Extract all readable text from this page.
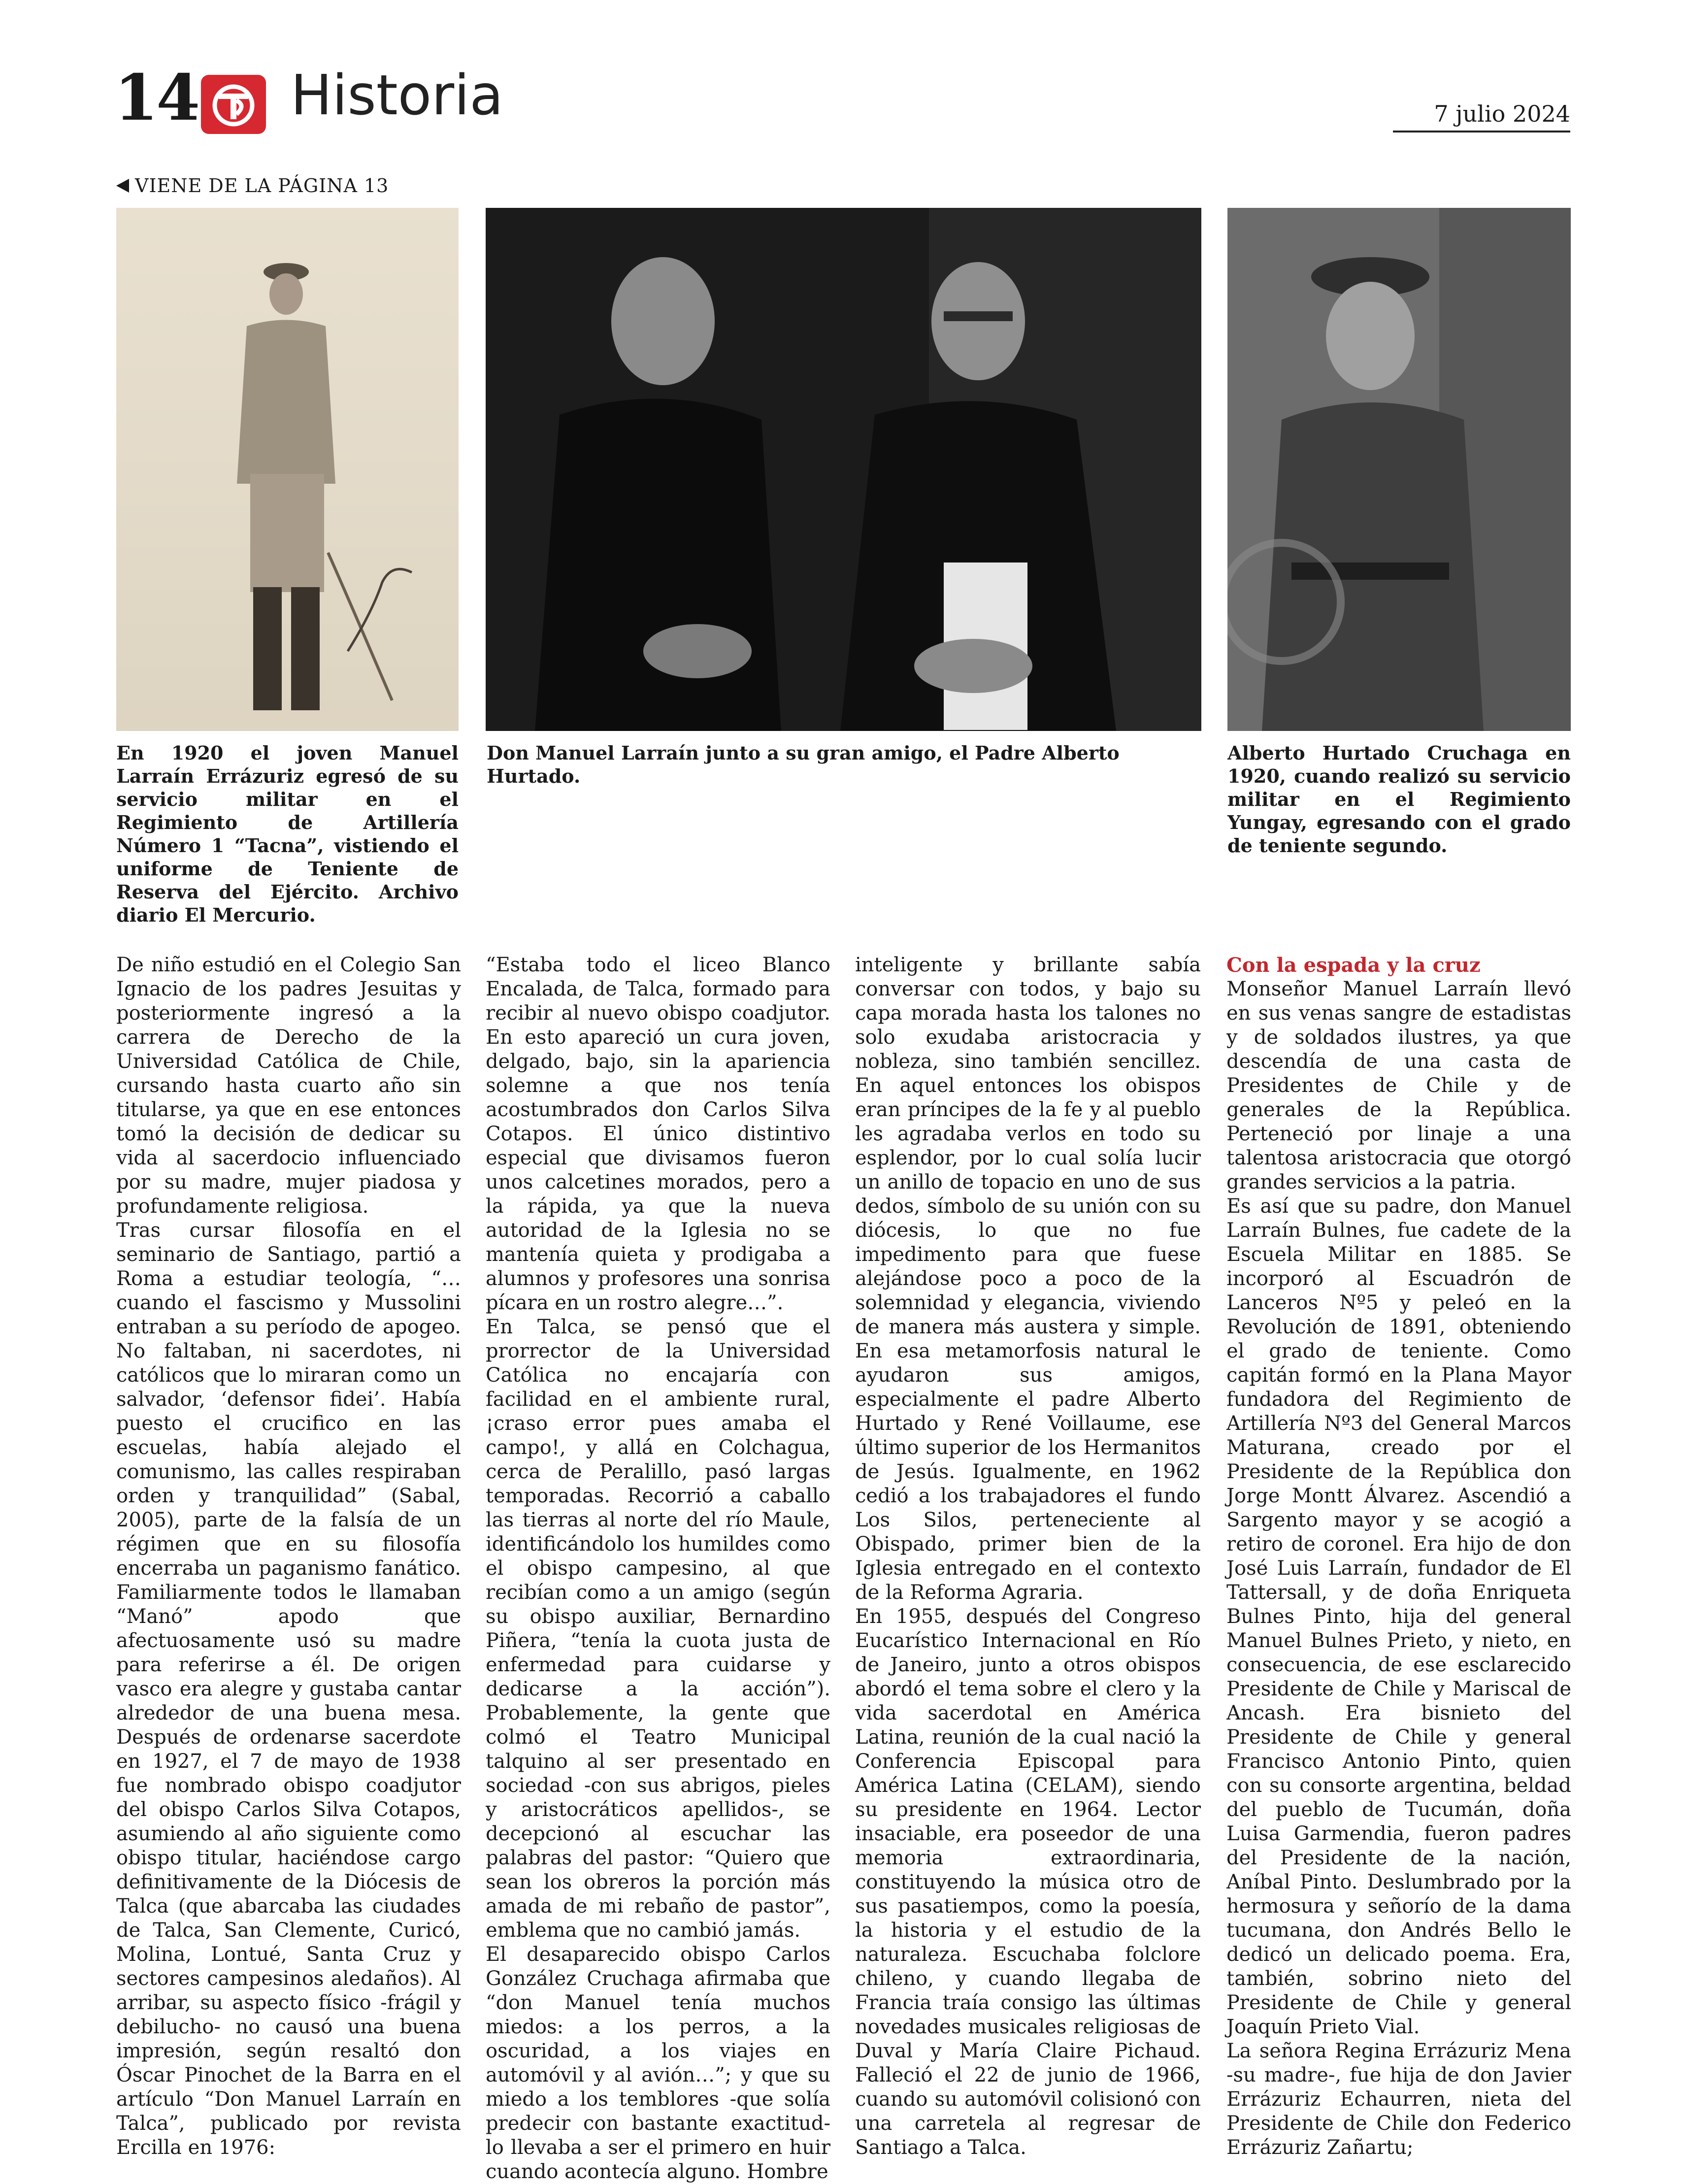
14 Historia	7 julio 2024
VIENE DE LA PÁGINA 13
En 1920 el joven Manuel Larraín Errázuriz egresó de su servicio militar en el Regimiento de Artillería Número 1 “Tacna”, vistiendo el uniforme de Teniente de Reserva del Ejército. Archivo diario El Mercurio.
Don Manuel Larraín junto a su gran amigo, el Padre Alberto Hurtado.
Alberto Hurtado Cruchaga en 1920, cuando realizó su servicio militar en el Regimiento Yungay, egresando con el grado de teniente segundo.

De niño estudió en el Colegio San Ignacio de los padres Jesuitas y posteriormente ingresó a la carrera de Derecho de la Universidad Católica de Chile, cursando hasta cuarto año sin titularse, ya que en ese entonces tomó la decisión de dedicar su vida al sacerdocio influenciado por su madre, mujer piadosa y profundamente religiosa.

Tras cursar filosofía en el seminario de Santiago, partió a Roma a estudiar teología, “… cuando el fascismo y Mussolini entraban a su período de apogeo. No faltaban, ni sacerdotes, ni católicos que lo miraran como un salvador, ‘defensor fidei’. Había puesto el crucifico en las escuelas, había alejado el comunismo, las calles respiraban orden y tranquilidad” (Sabal, 2005), parte de la falsía de un régimen que en su filosofía encerraba un paganismo fanático. Familiarmente todos le llamaban “Manó” apodo que afectuosamente usó su madre para referirse a él. De origen vasco era alegre y gustaba cantar alrededor de una buena mesa. Después de ordenarse sacerdote en 1927, el 7 de mayo de 1938 fue nombrado obispo coadjutor del obispo Carlos Silva Cotapos, asumiendo al año siguiente como obispo titular, haciéndose cargo definitivamente de la Diócesis de Talca (que abarcaba las ciudades de Talca, San Clemente, Curicó, Molina, Lontué, Santa Cruz y sectores campesinos aledaños). Al arribar, su aspecto físico -frágil y debilucho- no causó una buena impresión, según resaltó don Óscar Pinochet de la Barra en el artículo “Don Manuel Larraín en Talca”, publicado por revista Ercilla en 1976:

“Estaba todo el liceo Blanco Encalada, de Talca, formado para recibir al nuevo obispo coadjutor. En esto apareció un cura joven, delgado, bajo, sin la apariencia solemne a que nos tenía acostumbrados don Carlos Silva Cotapos. El único distintivo especial que divisamos fueron unos calcetines morados, pero a la rápida, ya que la nueva autoridad de la Iglesia no se mantenía quieta y prodigaba a alumnos y profesores una sonrisa pícara en un rostro alegre…”.

En Talca, se pensó que el prorrector de la Universidad Católica no encajaría con facilidad en el ambiente rural, ¡craso error pues amaba el campo!, y allá en Colchagua, cerca de Peralillo, pasó largas temporadas. Recorrió a caballo las tierras al norte del río Maule, identificándolo los humildes como el obispo campesino, al que recibían como a un amigo (según su obispo auxiliar, Bernardino Piñera, “tenía la cuota justa de enfermedad para cuidarse y dedicarse a la acción”). Probablemente, la gente que colmó el Teatro Municipal talquino al ser presentado en sociedad -con sus abrigos, pieles y aristocráticos apellidos-, se decepcionó al escuchar las palabras del pastor: “Quiero que sean los obreros la porción más amada de mi rebaño de pastor”, emblema que no cambió jamás.

El desaparecido obispo Carlos González Cruchaga afirmaba que “don Manuel tenía muchos miedos: a los perros, a la oscuridad, a los viajes en automóvil y al avión…”; y que su miedo a los temblores -que solía predecir con bastante exactitud- lo llevaba a ser el primero en huir cuando acontecía alguno. Hombre

inteligente y brillante sabía conversar con todos, y bajo su capa morada hasta los talones no solo exudaba aristocracia y nobleza, sino también sencillez. En aquel entonces los obispos eran príncipes de la fe y al pueblo les agradaba verlos en todo su esplendor, por lo cual solía lucir un anillo de topacio en uno de sus dedos, símbolo de su unión con su diócesis, lo que no fue impedimento para que fuese alejándose poco a poco de la solemnidad y elegancia, viviendo de manera más austera y simple. En esa metamorfosis natural le ayudaron sus amigos, especialmente el padre Alberto Hurtado y René Voillaume, ese último superior de los Hermanitos de Jesús. Igualmente, en 1962 cedió a los trabajadores el fundo Los Silos, perteneciente al Obispado, primer bien de la Iglesia entregado en el contexto de la Reforma Agraria.

En 1955, después del Congreso Eucarístico Internacional en Río de Janeiro, junto a otros obispos abordó el tema sobre el clero y la vida sacerdotal en América Latina, reunión de la cual nació la Conferencia Episcopal para América Latina (CELAM), siendo su presidente en 1964. Lector insaciable, era poseedor de una memoria extraordinaria, constituyendo la música otro de sus pasatiempos, como la poesía, la historia y el estudio de la naturaleza. Escuchaba folclore chileno, y cuando llegaba de Francia traía consigo las últimas novedades musicales religiosas de Duval y María Claire Pichaud. Falleció el 22 de junio de 1966, cuando su automóvil colisionó con una carretela al regresar de Santiago a Talca.

Con la espada y la cruz

Monseñor Manuel Larraín llevó en sus venas sangre de estadistas y de soldados ilustres, ya que descendía de una casta de Presidentes de Chile y de generales de la República. Perteneció por linaje a una talentosa aristocracia que otorgó grandes servicios a la patria.

Es así que su padre, don Manuel Larraín Bulnes, fue cadete de la Escuela Militar en 1885. Se incorporó al Escuadrón de Lanceros Nº5 y peleó en la Revolución de 1891, obteniendo el grado de teniente. Como capitán formó en la Plana Mayor fundadora del Regimiento de Artillería Nº3 del General Marcos Maturana, creado por el Presidente de la República don Jorge Montt Álvarez. Ascendió a Sargento mayor y se acogió a retiro de coronel. Era hijo de don José Luis Larraín, fundador de El Tattersall, y de doña Enriqueta Bulnes Pinto, hija del general Manuel Bulnes Prieto, y nieto, en consecuencia, de ese esclarecido Presidente de Chile y Mariscal de Ancash. Era bisnieto del Presidente de Chile y general Francisco Antonio Pinto, quien con su consorte argentina, beldad del pueblo de Tucumán, doña Luisa Garmendia, fueron padres del Presidente de la nación, Aníbal Pinto. Deslumbrado por la hermosura y señorío de la dama tucumana, don Andrés Bello le dedicó un delicado poema. Era, también, sobrino nieto del Presidente de Chile y general Joaquín Prieto Vial.

La señora Regina Errázuriz Mena -su madre-, fue hija de don Javier Errázuriz Echaurren, nieta del Presidente de Chile don Federico Errázuriz Zañartu;
